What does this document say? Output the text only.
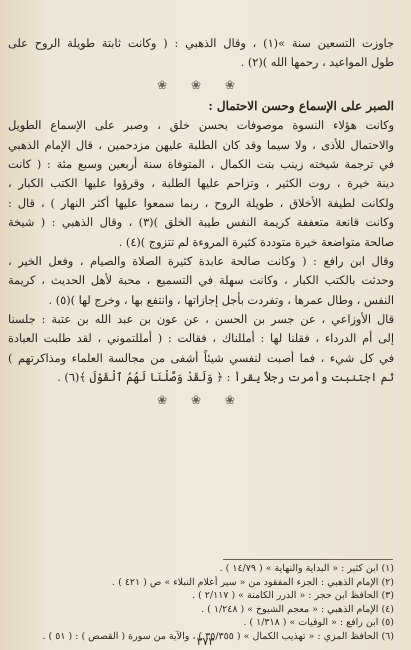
جاوزت التسعين سنة »(١) ، وقال الذهبي : ( وكانت ثابتة طويلة الروح على
طول المواعيد ، رحمها الله )(٢) .
❀ ❀ ❀
الصبر على الإسماع وحسن الاحتمال :
وكانت هؤلاء النسوة موصوفات بحسن خلق ، وصبر على الإسماع الطويل
والاحتمال للأذى ، ولا سيما وقد كان الطلبة عليهن مزدحمين ، قال الإمام الذهبي
في ترجمة شيخته زينب بنت الكمال ، المتوفاة سنة أربعين وسبع مئة : ( كانت
دينة خيرة ، روت الكثير ، وتزاحم عليها الطلبة ، وقرؤوا عليها الكتب الكبار ،
ولكانت لطيفة الأخلاق ، طويلة الروح ، ربما سمعوا عليها أكثر النهار ) ، قال :
وكانت قانعة متعففة كريمة النفس طيبة الخلق )(٣) ، وقال الذهبي : ( شيخة
صالحة متواضعة خيرة متوددة كثيرة المروءة لم تتزوج )(٤) .
وقال ابن رافع : ( وكانت صالحة عابدة كثيرة الصلاة والصيام ، وفعل الخير ،
وحدثت بالكتب الكبار ، وكانت سهلة في التسميع ، محبة لأهل الحديث ، كريمة
النفس ، وطال عمرها ، وتفردت بأجل إجازاتها ، وانتفع بها ، وخرج لها )(٥) .
قال الأوزاعي ، عن جسر بن الحسن ، عن عون بن عبد الله بن عتبة : جلسنا
إلى أم الدرداء ، فقلنا لها : أمللناك ، فقالت : ( أمللتموني ، لقد طلبت العبادة
في كل شيء ، فما أصبت لنفسي شيئاً أشفى من مجالسة العلماء ومذاكرتهم )
ثم اجتنبت وأمرت رجلاً يقرأ : ﴿ وَلَقَدْ وَصَّلْنَا لَهُمُ ٱلْقَوْلَ ﴾(٦) .
❀ ❀ ❀
(١) ابن كثير : « البداية والنهاية » ( ١٤/٧٩ ) .
(٢) الإمام الذهبي : الجزء المفقود من « سير أعلام النبلاء » ص ( ٤٢١ ) .
(٣) الحافظ ابن حجر : « الدرر الكامنة » ( ٢/١١٧ ) .
(٤) الإمام الذهبي : « معجم الشيوخ » ( ١/٢٤٨ ) .
(٥) ابن رافع : « الوفيات » ( ١/٣١٨ ) .
(٦) الحافظ المزي : « تهذيب الكمال » ( ٣٥/٣٥٥ ) ، والآية من سورة ( القصص ) : ( ٥١ ) .
٣٧٣
